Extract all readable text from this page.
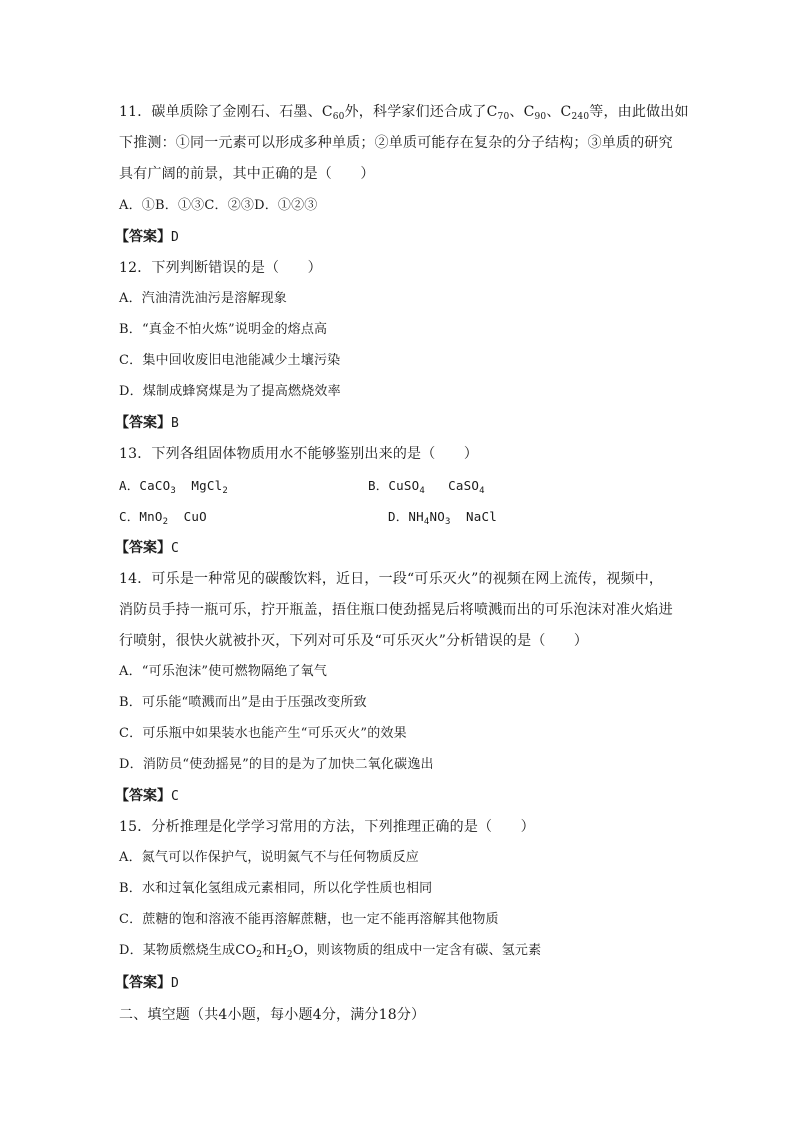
11．碳单质除了金刚石、石墨、$C_{60}$外，科学家们还合成了$C_{70}$、$C_{90}$、$C_{240}$等，由此做出如
下推测：①同一元素可以形成多种单质；②单质可能存在复杂的分子结构；③单质的研究
具有广阔的前景，其中正确的是（　　）
A．①B．①③C．②③D．①②③
【答案】D
12．下列判断错误的是（　　）
A．汽油清洗油污是溶解现象
B．“真金不怕火炼”说明金的熔点高
C．集中回收废旧电池能减少土壤污染
D．煤制成蜂窝煤是为了提高燃烧效率
【答案】B
13．下列各组固体物质用水不能够鉴别出来的是（　　）
A．CaCO$_3$  MgCl$_2$	B．CuSO$_4$   CaSO$_4$
C．MnO$_2$  CuO	D．$NH_4NO_3$  NaCl
【答案】C
14．可乐是一种常见的碳酸饮料，近日，一段“可乐灭火”的视频在网上流传，视频中，
消防员手持一瓶可乐，拧开瓶盖，捂住瓶口使劲摇晃后将喷溅而出的可乐泡沫对准火焰进
行喷射，很快火就被扑灭，下列对可乐及“可乐灭火”分析错误的是（　　）
A．“可乐泡沫”使可燃物隔绝了氧气
B．可乐能“喷溅而出”是由于压强改变所致
C．可乐瓶中如果装水也能产生“可乐灭火”的效果
D．消防员“使劲摇晃”的目的是为了加快二氧化碳逸出
【答案】C
15．分析推理是化学学习常用的方法，下列推理正确的是（　　）
A．氮气可以作保护气，说明氮气不与任何物质反应
B．水和过氧化氢组成元素相同，所以化学性质也相同
C．蔗糖的饱和溶液不能再溶解蔗糖，也一定不能再溶解其他物质
D．某物质燃烧生成$CO_2$和$H_2O$，则该物质的组成中一定含有碳、氢元素
【答案】D
二、填空题（共4小题，每小题4分，满分18分）
